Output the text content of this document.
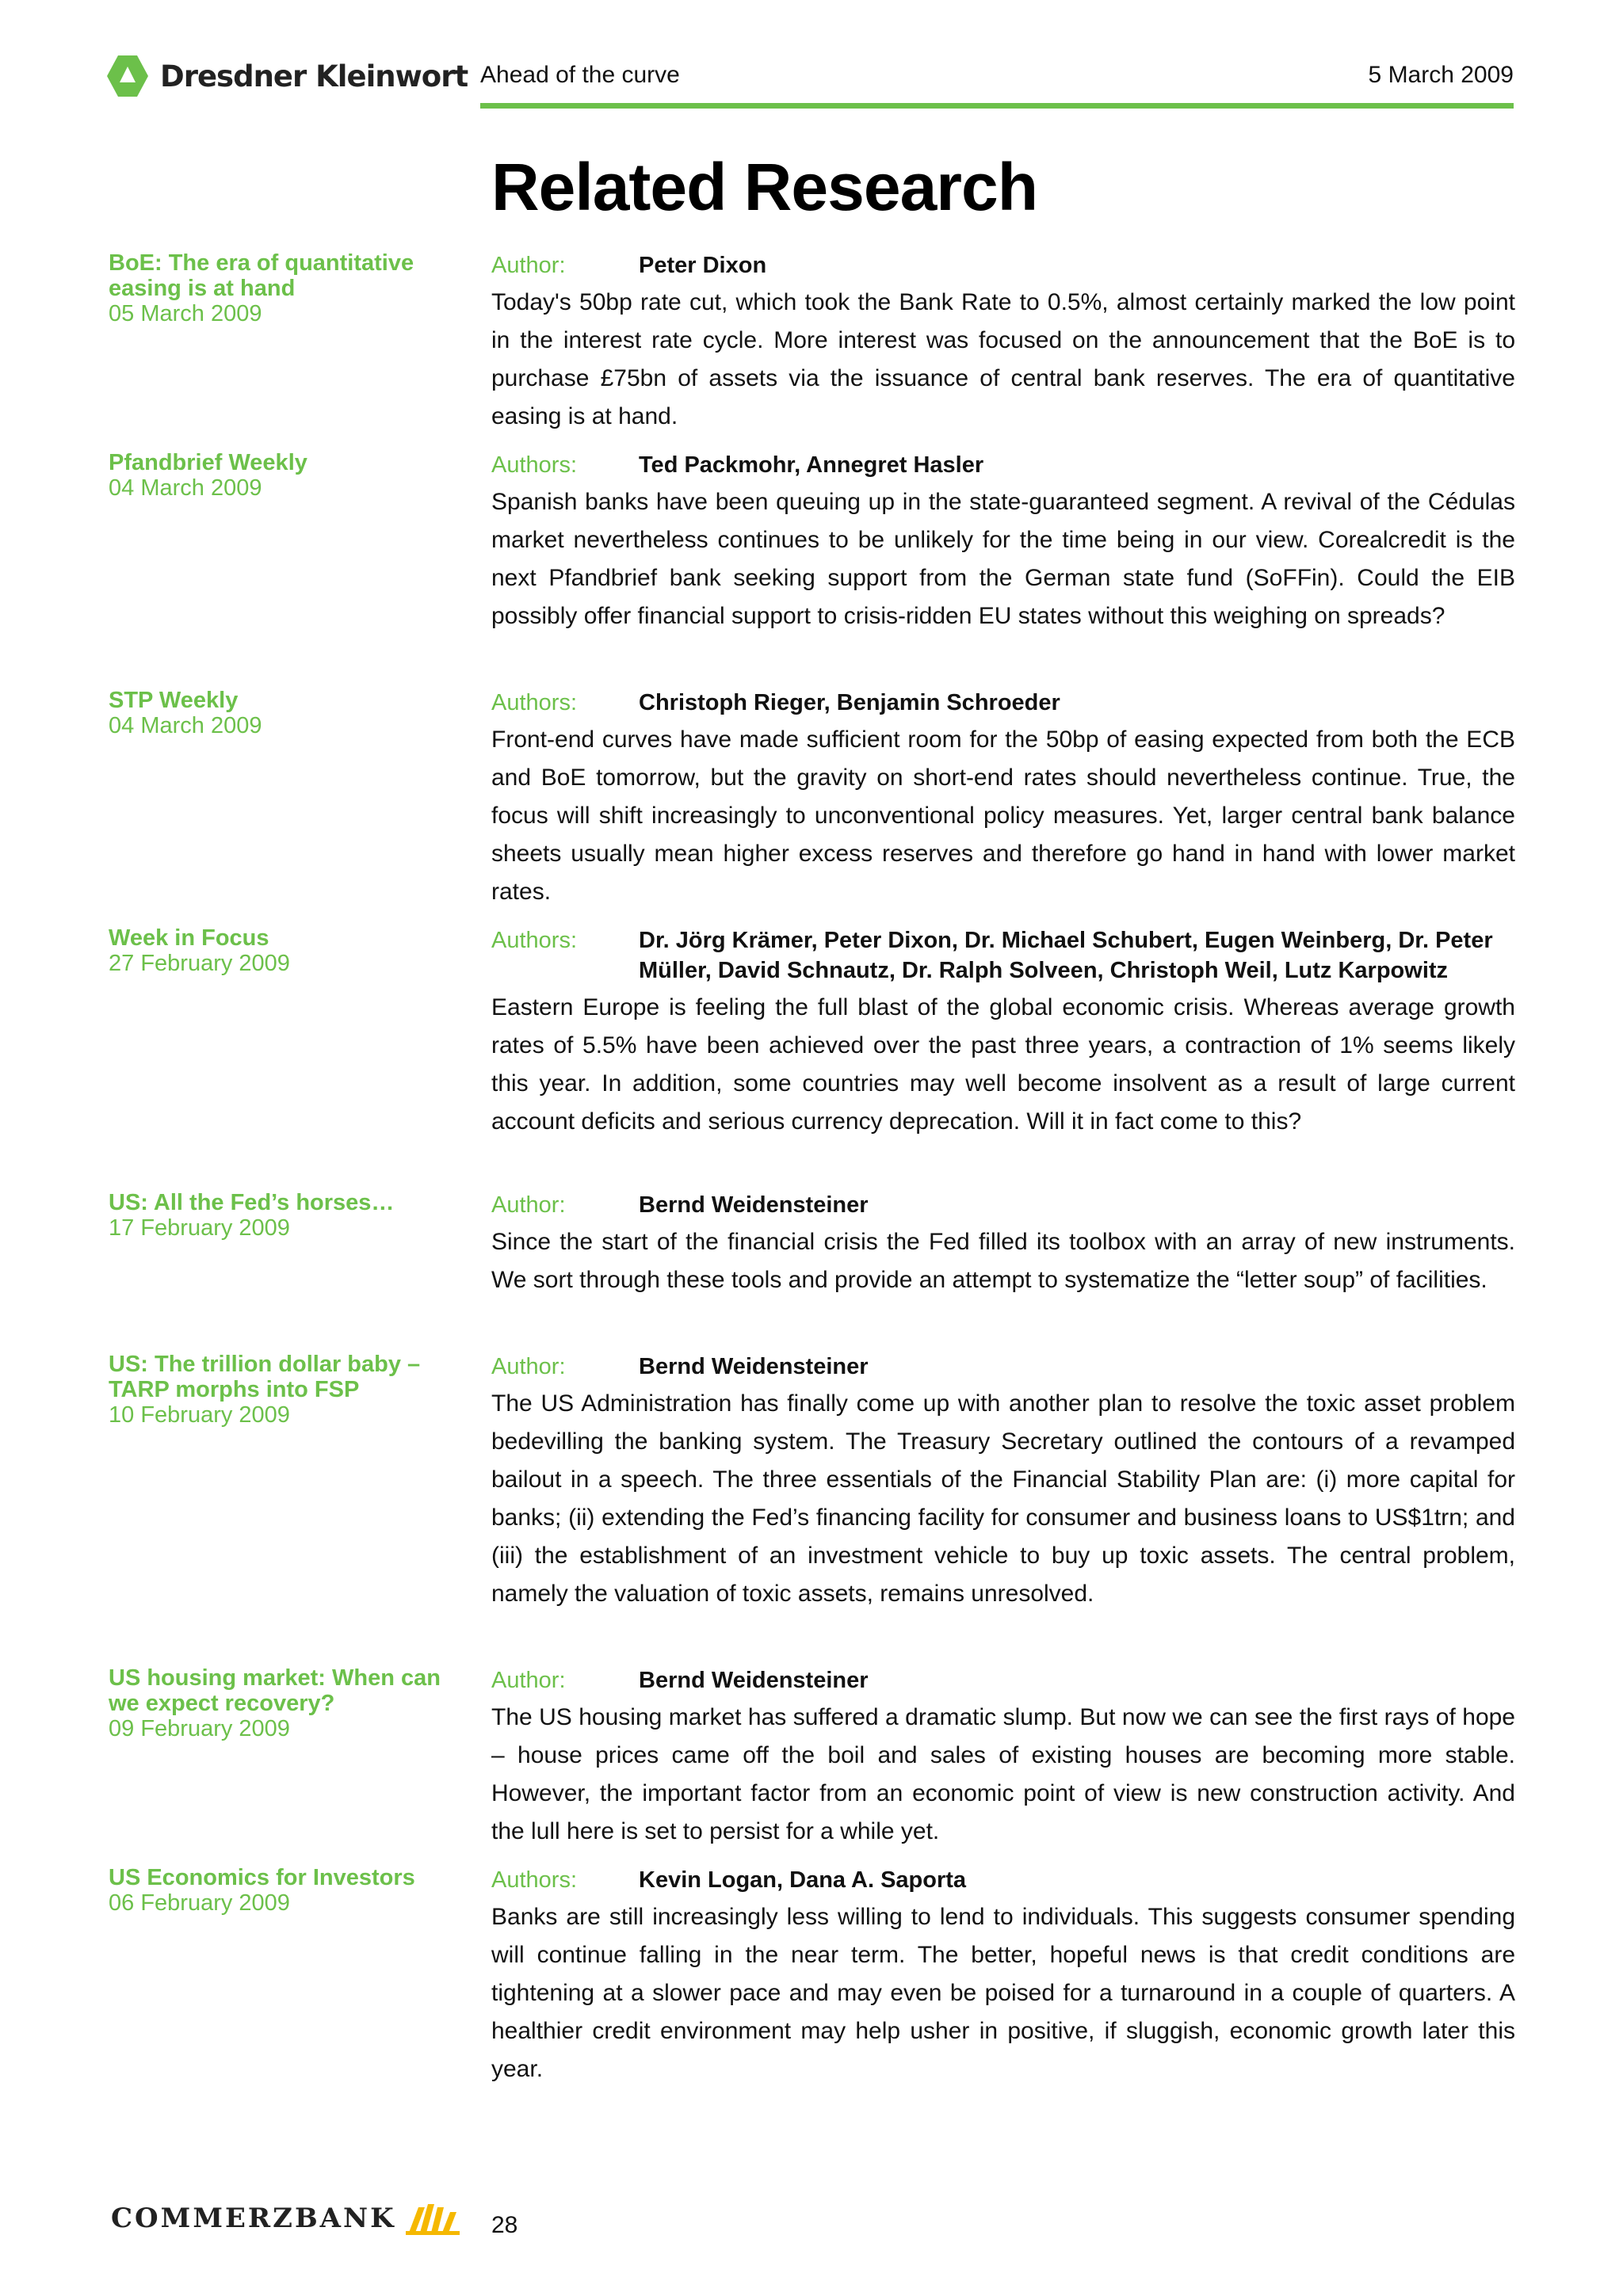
Dresdner Kleinwort Ahead of the curve	5 March 2009
Related Research
BoE: The era of quantitative easing is at hand
05 March 2009
Author:	Peter Dixon
Today's 50bp rate cut, which took the Bank Rate to 0.5%, almost certainly marked the low point in the interest rate cycle. More interest was focused on the announcement that the BoE is to purchase £75bn of assets via the issuance of central bank reserves. The era of quantitative easing is at hand.
Pfandbrief Weekly
04 March 2009
Authors:	Ted Packmohr, Annegret Hasler
Spanish banks have been queuing up in the state-guaranteed segment. A revival of the Cédulas market nevertheless continues to be unlikely for the time being in our view. Corealcredit is the next Pfandbrief bank seeking support from the German state fund (SoFFin). Could the EIB possibly offer financial support to crisis-ridden EU states without this weighing on spreads?
STP Weekly
04 March 2009
Authors:	Christoph Rieger, Benjamin Schroeder
Front-end curves have made sufficient room for the 50bp of easing expected from both the ECB and BoE tomorrow, but the gravity on short-end rates should nevertheless continue. True, the focus will shift increasingly to unconventional policy measures. Yet, larger central bank balance sheets usually mean higher excess reserves and therefore go hand in hand with lower market rates.
Week in Focus
27 February 2009
Authors:	Dr. Jörg Krämer, Peter Dixon, Dr. Michael Schubert, Eugen Weinberg, Dr. Peter Müller, David Schnautz, Dr. Ralph Solveen, Christoph Weil, Lutz Karpowitz
Eastern Europe is feeling the full blast of the global economic crisis. Whereas average growth rates of 5.5% have been achieved over the past three years, a contraction of 1% seems likely this year. In addition, some countries may well become insolvent as a result of large current account deficits and serious currency deprecation. Will it in fact come to this?
US: All the Fed’s horses…
17 February 2009
Author:	Bernd Weidensteiner
Since the start of the financial crisis the Fed filled its toolbox with an array of new instruments. We sort through these tools and provide an attempt to systematize the “letter soup” of facilities.
US: The trillion dollar baby – TARP morphs into FSP
10 February 2009
Author:	Bernd Weidensteiner
The US Administration has finally come up with another plan to resolve the toxic asset problem bedevilling the banking system. The Treasury Secretary outlined the contours of a revamped bailout in a speech. The three essentials of the Financial Stability Plan are: (i) more capital for banks; (ii) extending the Fed’s financing facility for consumer and business loans to US$1trn; and (iii) the establishment of an investment vehicle to buy up toxic assets. The central problem, namely the valuation of toxic assets, remains unresolved.
US housing market: When can we expect recovery?
09 February 2009
Author:	Bernd Weidensteiner
The US housing market has suffered a dramatic slump. But now we can see the first rays of hope – house prices came off the boil and sales of existing houses are becoming more stable. However, the important factor from an economic point of view is new construction activity. And the lull here is set to persist for a while yet.
US Economics for Investors
06 February 2009
Authors:	Kevin Logan, Dana A. Saporta
Banks are still increasingly less willing to lend to individuals. This suggests consumer spending will continue falling in the near term. The better, hopeful news is that credit conditions are tightening at a slower pace and may even be poised for a turnaround in a couple of quarters. A healthier credit environment may help usher in positive, if sluggish, economic growth later this year.
COMMERZBANK	28
